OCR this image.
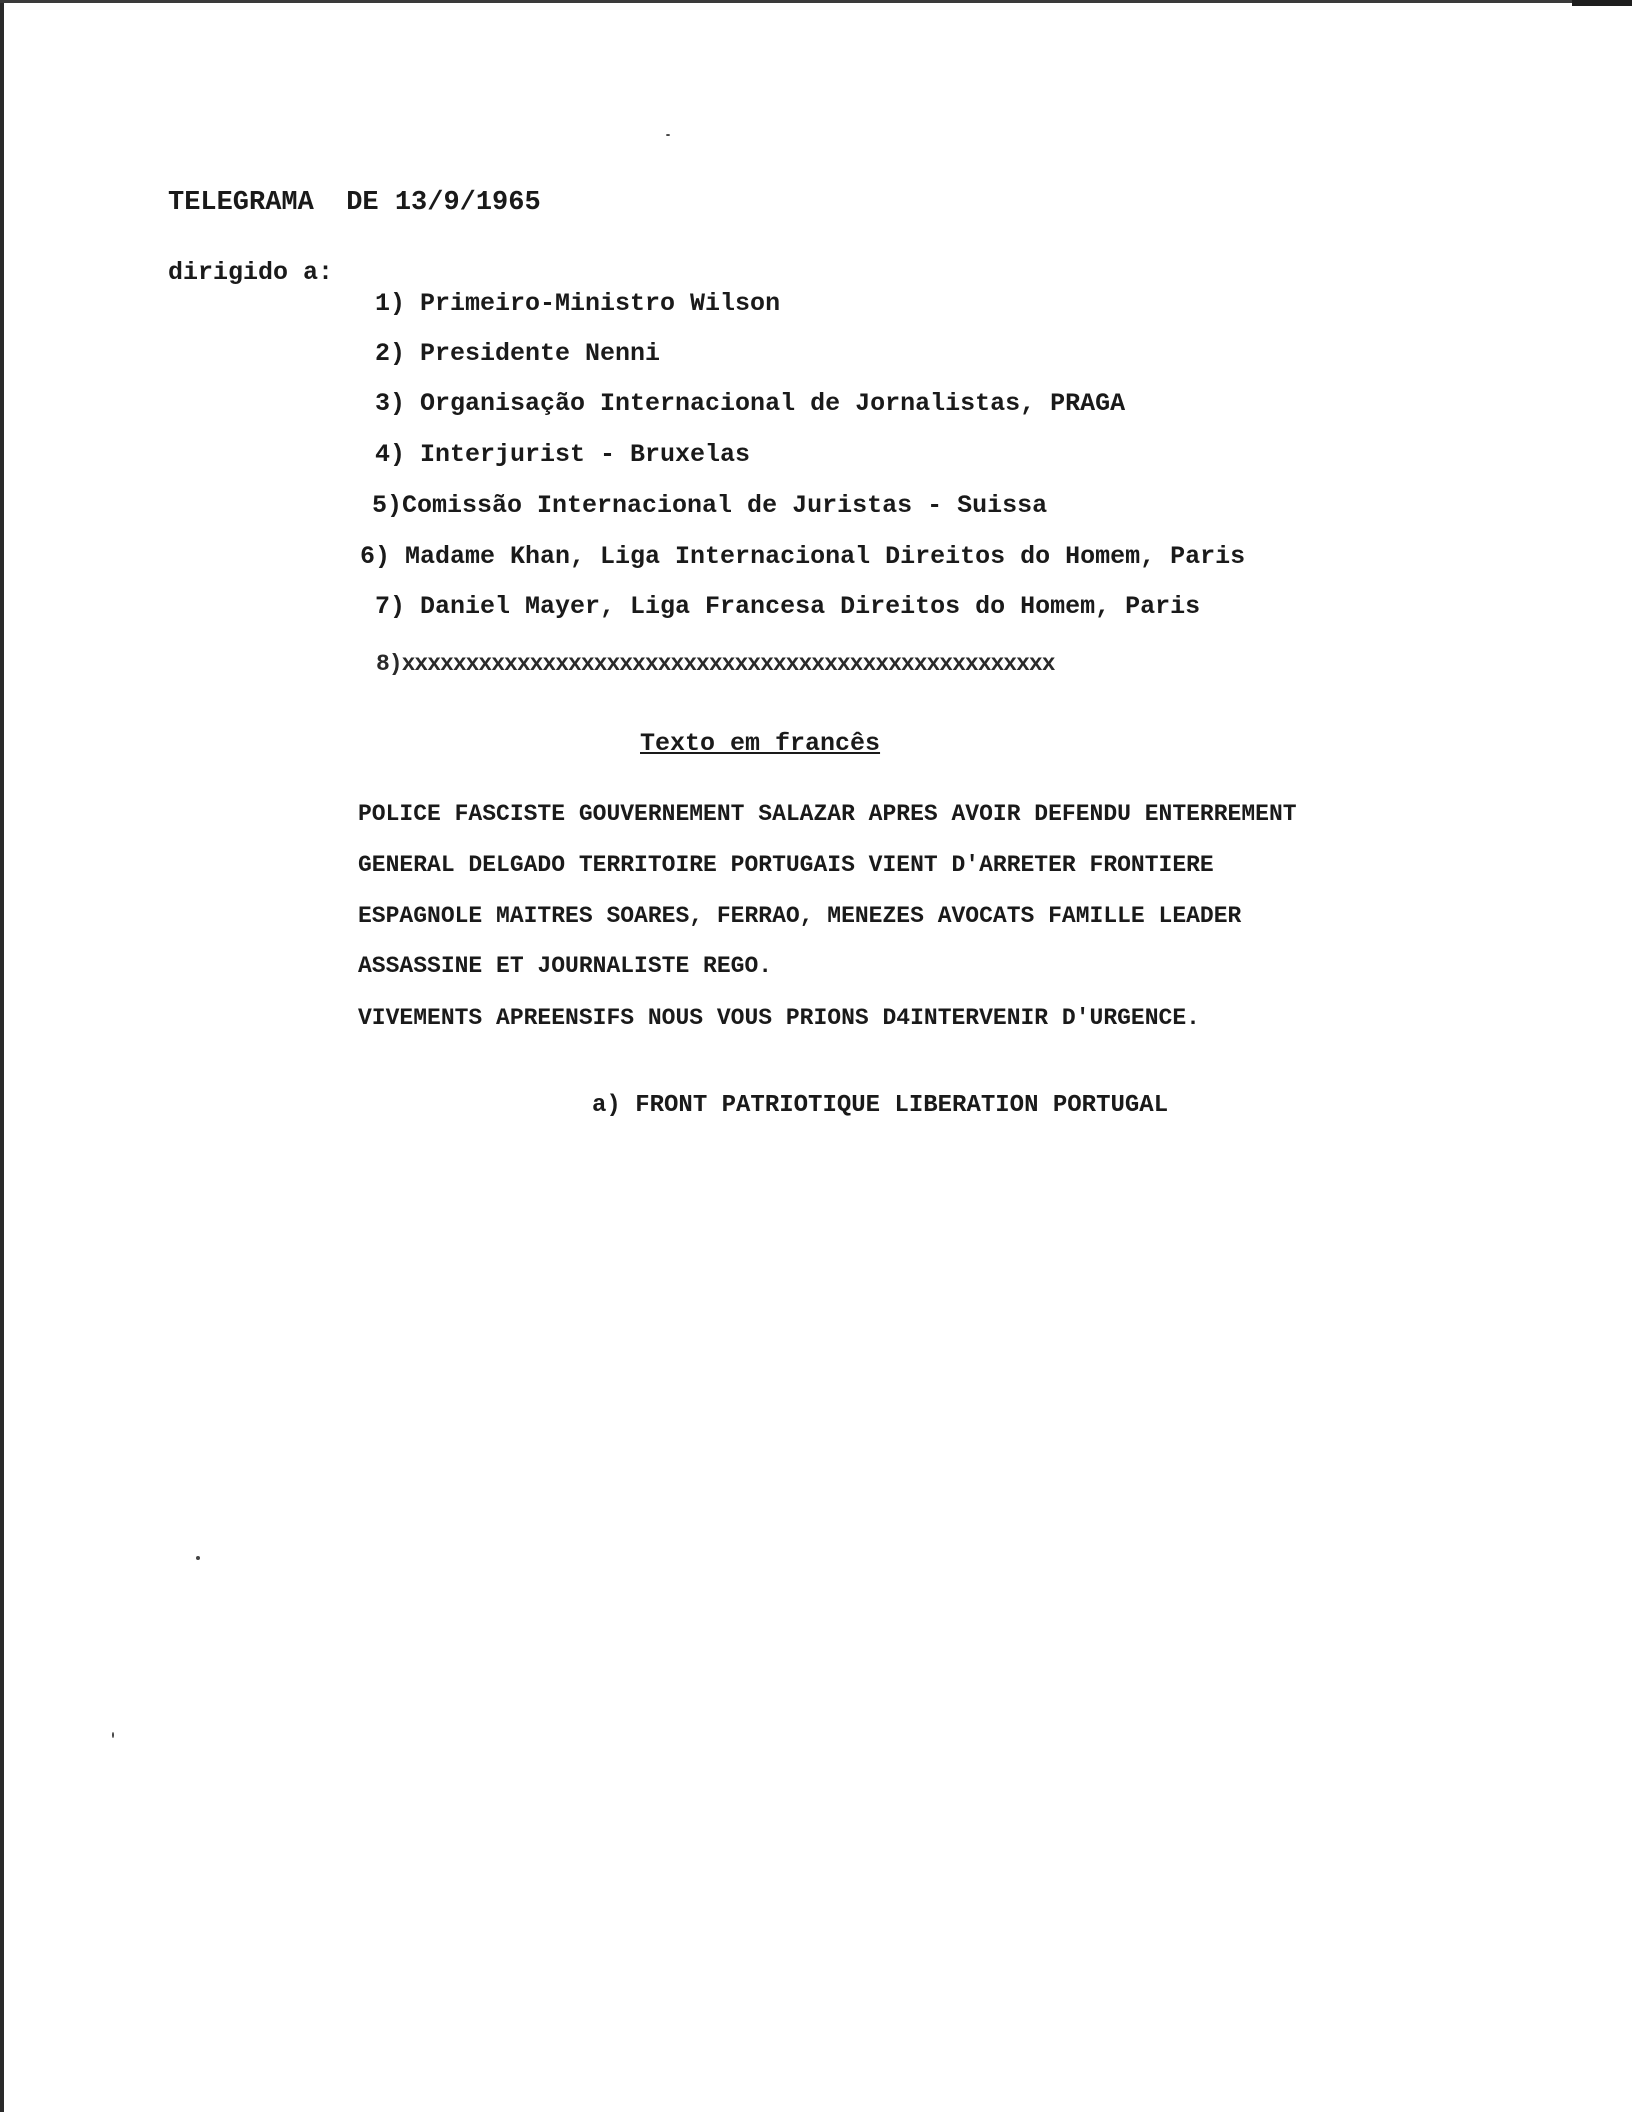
TELEGRAMA  DE 13/9/1965
dirigido a:
1) Primeiro-Ministro Wilson
2) Presidente Nenni
3) Organisação Internacional de Jornalistas, PRAGA
4) Interjurist - Bruxelas
5)Comissão Internacional de Juristas - Suissa
6) Madame Khan, Liga Internacional Direitos do Homem, Paris
7) Daniel Mayer, Liga Francesa Direitos do Homem, Paris
8)xxxxxxxxxxxxxxxxxxxxxxxxxxxxxxxxxxxxxxxxxxxxxxxxxxx
Texto em francês
POLICE FASCISTE GOUVERNEMENT SALAZAR APRES AVOIR DEFENDU ENTERREMENT
GENERAL DELGADO TERRITOIRE PORTUGAIS VIENT D'ARRETER FRONTIERE
ESPAGNOLE MAITRES SOARES, FERRAO, MENEZES AVOCATS FAMILLE LEADER
ASSASSINE ET JOURNALISTE REGO.
VIVEMENTS APREENSIFS NOUS VOUS PRIONS D4INTERVENIR D'URGENCE.
a) FRONT PATRIOTIQUE LIBERATION PORTUGAL
